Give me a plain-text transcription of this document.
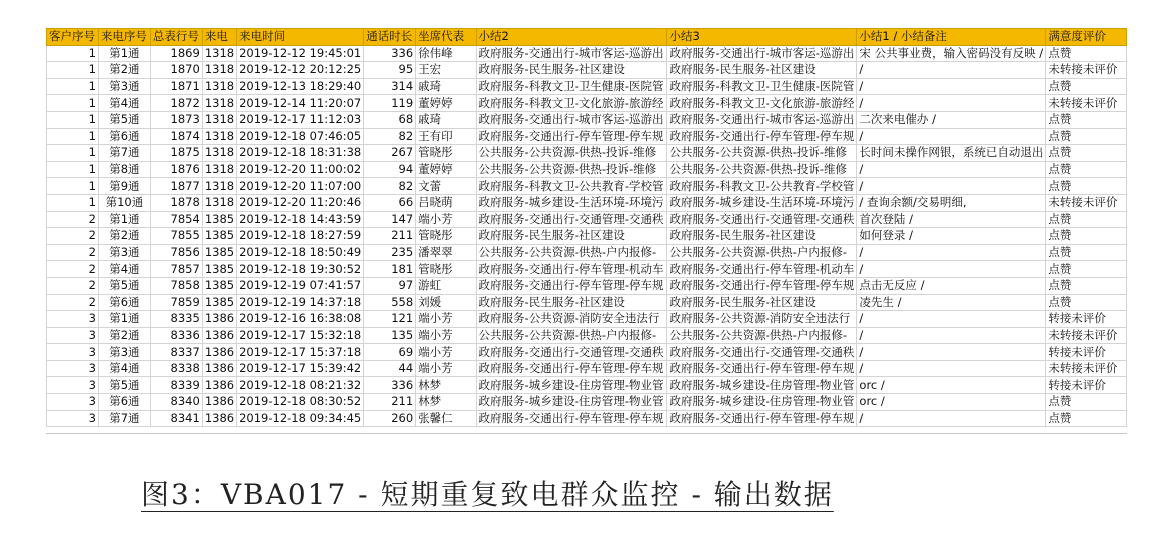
客户序号	来电序号	总表行号	来电	来电时间	通话时长	坐席代表	小结2	小结3	小结1 / 小结备注	满意度评价
1	第1通	1869	1318	2019-12-12 19:45:01	336	徐伟峰	政府服务-交通出行-城市客运-巡游出	政府服务-交通出行-城市客运-巡游出	宋 公共事业费，输入密码没有反映 /	点赞
1	第2通	1870	1318	2019-12-12 20:12:25	95	王宏	政府服务-民生服务-社区建设	政府服务-民生服务-社区建设	/	未转接未评价
1	第3通	1871	1318	2019-12-13 18:29:40	314	戚琦	政府服务-科教文卫-卫生健康-医院管	政府服务-科教文卫-卫生健康-医院管	/	点赞
1	第4通	1872	1318	2019-12-14 11:20:07	119	董婷婷	政府服务-科教文卫-文化旅游-旅游经	政府服务-科教文卫-文化旅游-旅游经	/	未转接未评价
1	第5通	1873	1318	2019-12-17 11:12:03	68	戚琦	政府服务-交通出行-城市客运-巡游出	政府服务-交通出行-城市客运-巡游出	二次来电催办 /	点赞
1	第6通	1874	1318	2019-12-18 07:46:05	82	王有印	政府服务-交通出行-停车管理-停车规	政府服务-交通出行-停车管理-停车规	/	点赞
1	第7通	1875	1318	2019-12-18 18:31:38	267	管晓彤	公共服务-公共资源-供热-投诉-维修	公共服务-公共资源-供热-投诉-维修	长时间未操作网银，系统已自动退出	点赞
1	第8通	1876	1318	2019-12-20 11:00:02	94	董婷婷	公共服务-公共资源-供热-投诉-维修	公共服务-公共资源-供热-投诉-维修	/	点赞
1	第9通	1877	1318	2019-12-20 11:07:00	82	文蕾	政府服务-科教文卫-公共教育-学校管	政府服务-科教文卫-公共教育-学校管	/	点赞
1	第10通	1878	1318	2019-12-20 11:20:46	66	吕晓萌	政府服务-城乡建设-生活环境-环境污	政府服务-城乡建设-生活环境-环境污	/ 查询余额/交易明细,	未转接未评价
2	第1通	7854	1385	2019-12-18 14:43:59	147	端小芳	政府服务-交通出行-交通管理-交通秩	政府服务-交通出行-交通管理-交通秩	首次登陆 /	点赞
2	第2通	7855	1385	2019-12-18 18:27:59	211	管晓彤	政府服务-民生服务-社区建设	政府服务-民生服务-社区建设	如何登录 /	点赞
2	第3通	7856	1385	2019-12-18 18:50:49	235	潘翠翠	公共服务-公共资源-供热-户内报修-	公共服务-公共资源-供热-户内报修-	/	点赞
2	第4通	7857	1385	2019-12-18 19:30:52	181	管晓彤	政府服务-交通出行-停车管理-机动车	政府服务-交通出行-停车管理-机动车	/	点赞
2	第5通	7858	1385	2019-12-19 07:41:57	97	游虹	政府服务-交通出行-停车管理-停车规	政府服务-交通出行-停车管理-停车规	点击无反应 /	点赞
2	第6通	7859	1385	2019-12-19 14:37:18	558	刘媛	政府服务-民生服务-社区建设	政府服务-民生服务-社区建设	凌先生 /	点赞
3	第1通	8335	1386	2019-12-16 16:38:08	121	端小芳	政府服务-公共资源-消防安全违法行	政府服务-公共资源-消防安全违法行	/	转接未评价
3	第2通	8336	1386	2019-12-17 15:32:18	135	端小芳	公共服务-公共资源-供热-户内报修-	公共服务-公共资源-供热-户内报修-	/	未转接未评价
3	第3通	8337	1386	2019-12-17 15:37:18	69	端小芳	政府服务-交通出行-交通管理-交通秩	政府服务-交通出行-交通管理-交通秩	/	转接未评价
3	第4通	8338	1386	2019-12-17 15:39:42	44	端小芳	政府服务-交通出行-停车管理-停车规	政府服务-交通出行-停车管理-停车规	/	未转接未评价
3	第5通	8339	1386	2019-12-18 08:21:32	336	林梦	政府服务-城乡建设-住房管理-物业管	政府服务-城乡建设-住房管理-物业管	orc /	转接未评价
3	第6通	8340	1386	2019-12-18 08:30:52	211	林梦	政府服务-城乡建设-住房管理-物业管	政府服务-城乡建设-住房管理-物业管	orc /	点赞
3	第7通	8341	1386	2019-12-18 09:34:45	260	张馨仁	政府服务-交通出行-停车管理-停车规	政府服务-交通出行-停车管理-停车规	/	点赞
图3：VBA017 - 短期重复致电群众监控 - 输出数据
